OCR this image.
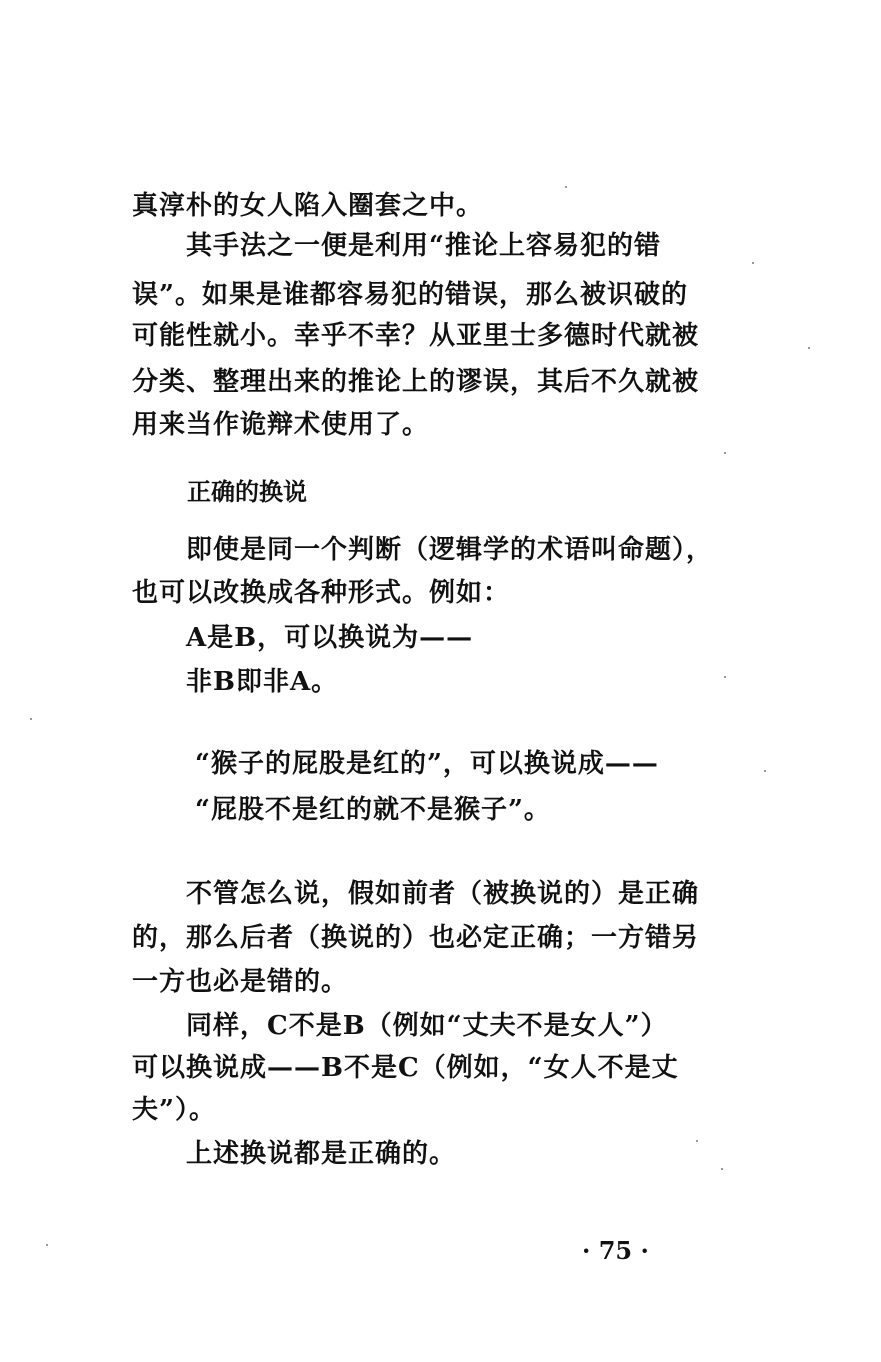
真淳朴的女人陷入圈套之中。
其手法之一便是利用“推论上容易犯的错
误”。如果是谁都容易犯的错误，那么被识破的
可能性就小。幸乎不幸？从亚里士多德时代就被
分类、整理出来的推论上的谬误，其后不久就被
用来当作诡辩术使用了。
正确的换说
即使是同一个判断（逻辑学的术语叫命题），
也可以改换成各种形式。例如：
A是B，可以换说为——
非B即非A。
“猴子的屁股是红的”，可以换说成——
“屁股不是红的就不是猴子”。
不管怎么说，假如前者（被换说的）是正确
的，那么后者（换说的）也必定正确；一方错另
一方也必是错的。
同样，C不是B（例如“丈夫不是女人”）
可以换说成——B不是C（例如，“女人不是丈
夫”）。
上述换说都是正确的。
· 75 ·
